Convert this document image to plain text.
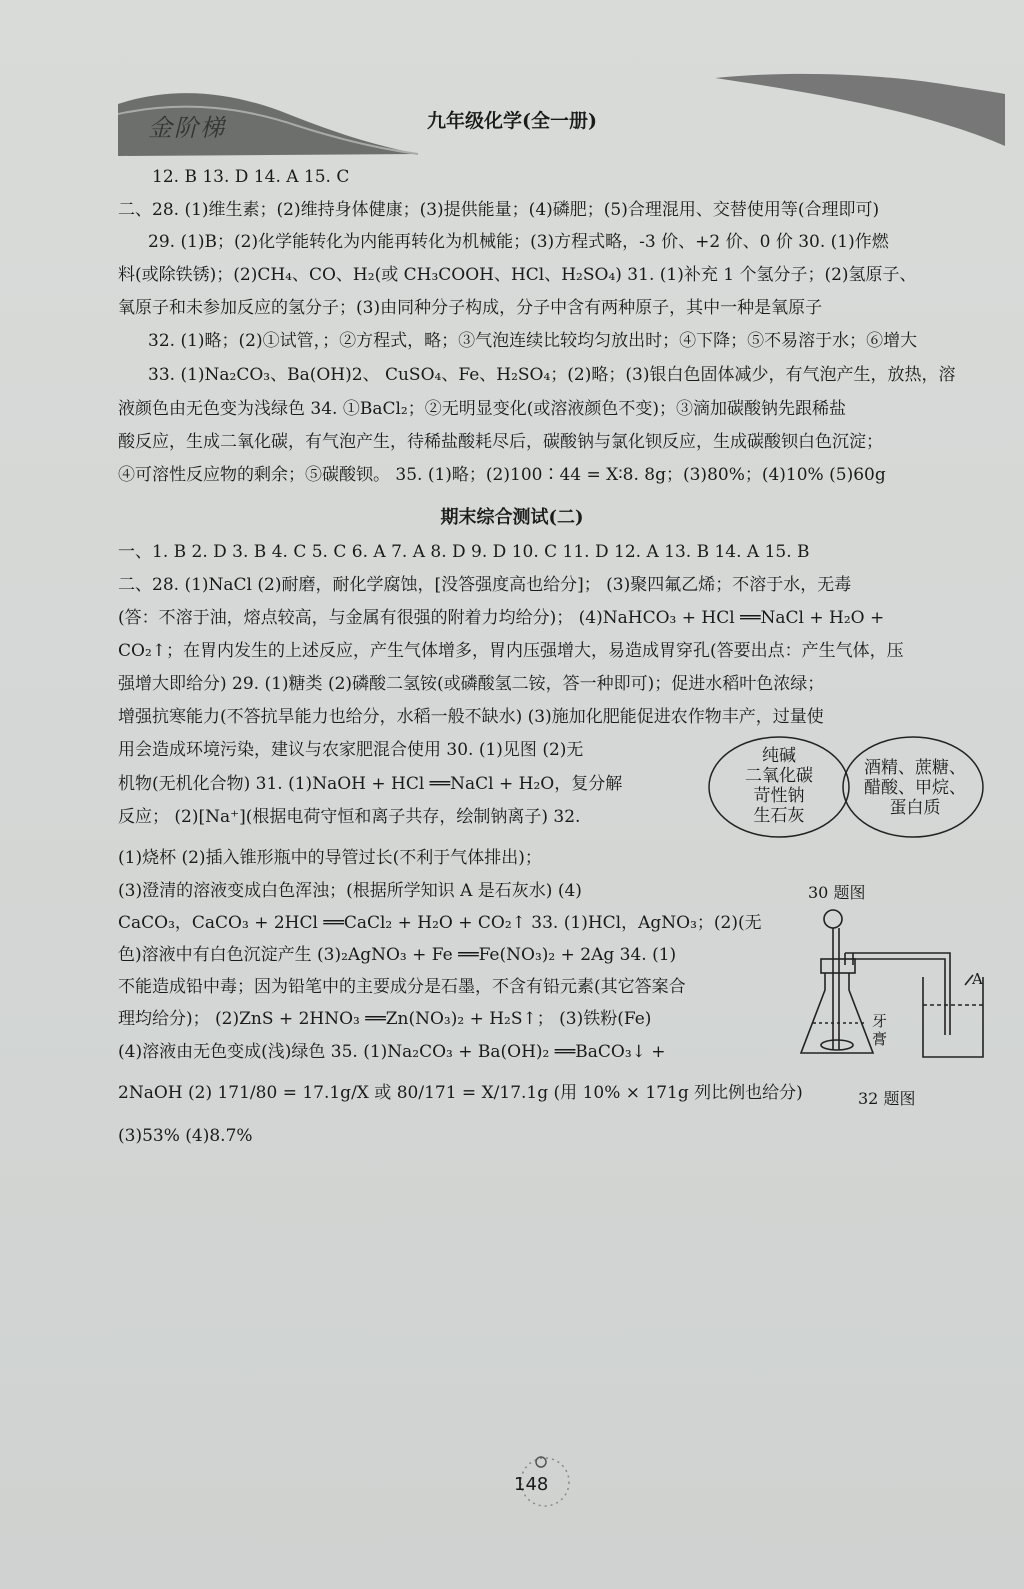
金阶梯	九年级化学(全一册)
12. B 13. D 14. A 15. C
二、28. (1)维生素；(2)维持身体健康；(3)提供能量；(4)磷肥；(5)合理混用、交替使用等(合理即可)
29. (1)B；(2)化学能转化为内能再转化为机械能；(3)方程式略，-3 价、+2 价、0 价 30. (1)作燃
料(或除铁锈)；(2)CH₄、CO、H₂(或 CH₃COOH、HCl、H₂SO₄) 31. (1)补充 1 个氢分子；(2)氢原子、
氧原子和未参加反应的氢分子；(3)由同种分子构成，分子中含有两种原子，其中一种是氧原子
32. (1)略；(2)①试管，；②方程式，略；③气泡连续比较均匀放出时；④下降；⑤不易溶于水；⑥增大
33. (1)Na₂CO₃、Ba(OH)2、 CuSO₄、Fe、H₂SO₄；(2)略；(3)银白色固体减少，有气泡产生，放热，溶
液颜色由无色变为浅绿色 34. ①BaCl₂；②无明显变化(或溶液颜色不变)；③滴加碳酸钠先跟稀盐
酸反应，生成二氧化碳，有气泡产生，待稀盐酸耗尽后，碳酸钠与氯化钡反应，生成碳酸钡白色沉淀；
④可溶性反应物的剩余；⑤碳酸钡。 35. (1)略；(2)100∶44 = X∶8. 8g；(3)80%；(4)10% (5)60g
期末综合测试(二)
一、1. B 2. D 3. B 4. C 5. C 6. A 7. A 8. D 9. D 10. C 11. D 12. A 13. B 14. A 15. B
二、28. (1)NaCl (2)耐磨，耐化学腐蚀，[没答强度高也给分]； (3)聚四氟乙烯；不溶于水，无毒
(答：不溶于油，熔点较高，与金属有很强的附着力均给分)； (4)NaHCO₃ + HCl ══NaCl + H₂O +
CO₂↑；在胃内发生的上述反应，产生气体增多，胃内压强增大，易造成胃穿孔(答要出点：产生气体，压
强增大即给分) 29. (1)糖类 (2)磷酸二氢铵(或磷酸氢二铵，答一种即可)；促进水稻叶色浓绿；
增强抗寒能力(不答抗旱能力也给分，水稻一般不缺水) (3)施加化肥能促进农作物丰产，过量使
用会造成环境污染，建议与农家肥混合使用 30. (1)见图 (2)无
机物(无机化合物) 31. (1)NaOH + HCl ══NaCl + H₂O，复分解
反应； (2)[Na⁺](根据电荷守恒和离子共存，绘制钠离子) 32.
(1)烧杯 (2)插入锥形瓶中的导管过长(不利于气体排出)；
(3)澄清的溶液变成白色浑浊；(根据所学知识 A 是石灰水) (4)
CaCO₃，CaCO₃ + 2HCl ══CaCl₂ + H₂O + CO₂↑ 33. (1)HCl，AgNO₃；(2)(无
色)溶液中有白色沉淀产生 (3)₂AgNO₃ + Fe ══Fe(NO₃)₂ + 2Ag 34. (1)
不能造成铅中毒；因为铅笔中的主要成分是石墨，不含有铅元素(其它答案合
理均给分)； (2)ZnS + 2HNO₃ ══Zn(NO₃)₂ + H₂S↑； (3)铁粉(Fe)
(4)溶液由无色变成(浅)绿色 35. (1)Na₂CO₃ + Ba(OH)₂ ══BaCO₃↓ +
2NaOH (2) 171/80 = 17.1g/X 或 80/171 = X/17.1g (用 10% × 171g 列比例也给分)
(3)53% (4)8.7%
纯碱
二氧化碳
苛性钠
生石灰
酒精、蔗糖、
醋酸、甲烷、
蛋白质
30 题图
A
牙
膏
32 题图
148
